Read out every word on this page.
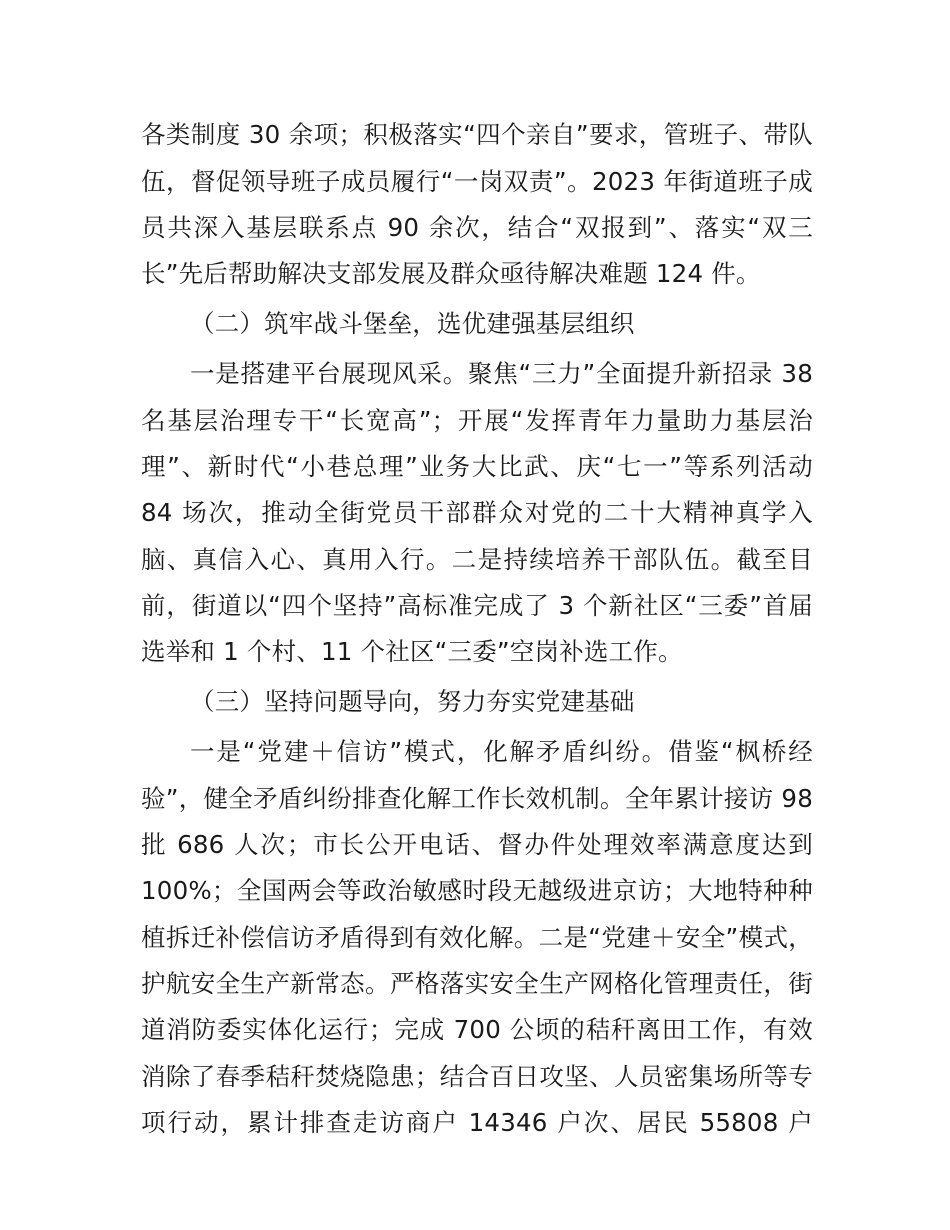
各类制度 30 余项；积极落实“四个亲自”要求，管班子、带队
伍，督促领导班子成员履行“一岗双责”。2023 年街道班子成
员共深入基层联系点 90 余次，结合“双报到”、落实“双三
长”先后帮助解决支部发展及群众亟待解决难题 124 件。
（二）筑牢战斗堡垒，选优建强基层组织
一是搭建平台展现风采。聚焦“三力”全面提升新招录 38
名基层治理专干“长宽高”；开展“发挥青年力量助力基层治
理”、新时代“小巷总理”业务大比武、庆“七一”等系列活动
84 场次，推动全街党员干部群众对党的二十大精神真学入
脑、真信入心、真用入行。二是持续培养干部队伍。截至目
前，街道以“四个坚持”高标准完成了 3 个新社区“三委”首届
选举和 1 个村、11 个社区“三委”空岗补选工作。
（三）坚持问题导向，努力夯实党建基础
一是“党建＋信访”模式，化解矛盾纠纷。借鉴“枫桥经
验”，健全矛盾纠纷排查化解工作长效机制。全年累计接访 98
批 686 人次；市长公开电话、督办件处理效率满意度达到
100%；全国两会等政治敏感时段无越级进京访；大地特种种
植拆迁补偿信访矛盾得到有效化解。二是“党建＋安全”模式，
护航安全生产新常态。严格落实安全生产网格化管理责任，街
道消防委实体化运行；完成 700 公顷的秸秆离田工作，有效
消除了春季秸秆焚烧隐患；结合百日攻坚、人员密集场所等专
项行动，累计排查走访商户 14346 户次、居民 55808 户
